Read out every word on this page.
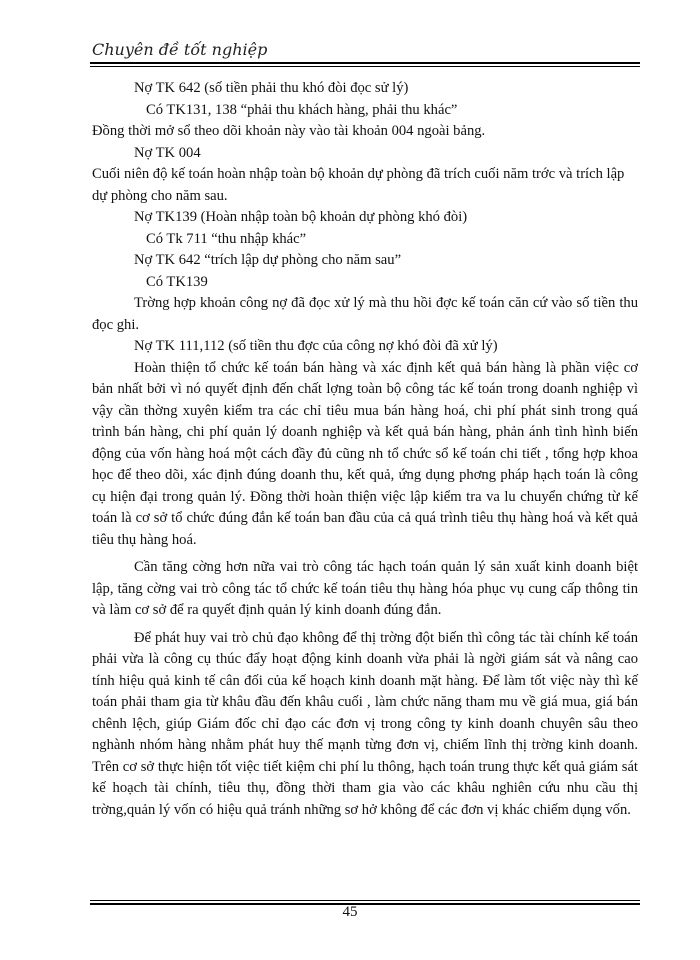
Chuyên đề tốt nghiệp

Nợ TK 642 (số tiền phải thu khó đòi đọc sử lý)

Có TK131, 138 “phải thu khách hàng, phải thu khác”

Đồng thời mở sổ theo dõi khoản này vào tài khoản 004 ngoài bảng.

Nợ TK 004

Cuối niên độ kế toán hoàn nhập toàn bộ khoản dự phòng đã trích cuối năm trớc và trích lập dự phòng cho năm sau.

Nợ TK139 (Hoàn nhập toàn bộ khoản dự phòng khó đòi)

Có Tk 711 “thu nhập khác”

Nợ TK 642 “trích lập dự phòng cho năm sau”

Có TK139

Trờng hợp khoản công nợ đã đọc xử lý mà thu hồi đợc kế toán căn cứ vào số tiền thu đọc ghi.

Nợ TK 111,112 (số tiền thu đợc của công nợ khó đòi đã xử lý)

Hoàn thiện tổ chức kế toán bán hàng và xác định kết quả bán hàng là phần việc cơ bản nhất bởi vì nó quyết định đến chất lợng toàn bộ công tác kế toán trong doanh nghiệp vì vậy cần thờng xuyên kiểm tra các chỉ tiêu mua bán hàng hoá, chi phí phát sinh trong quá trình bán hàng, chi phí quản lý doanh nghiệp và kết quả bán hàng, phản ánh tình hình biến động của vốn hàng hoá một cách đầy đủ cũng nh tổ chức sổ kế toán chi tiết , tổng hợp khoa học để theo dõi, xác định đúng doanh thu, kết quả, ứng dụng phơng pháp hạch toán là công cụ hiện đại trong quản lý. Đồng thời hoàn thiện việc lập kiểm tra va lu chuyển chứng từ kế toán là cơ sở tổ chức đúng đắn kế toán ban đầu của cả quá trình tiêu thụ hàng hoá và kết quả tiêu thụ hàng hoá.

Cần tăng cờng hơn nữa vai trò công tác hạch toán quản lý sản xuất kinh doanh biệt lập, tăng cờng vai trò công tác tổ chức kế toán tiêu thụ hàng hóa phục vụ cung cấp thông tin và làm cơ sở để ra quyết định quản lý kinh doanh đúng đắn.

Để phát huy vai trò chủ đạo không để thị trờng đột biến thì công tác tài chính kế toán phải vừa là công cụ thúc đẩy hoạt động kinh doanh vừa phải là ngời giám sát và nâng cao tính hiệu quả kinh tế cân đối của kế hoạch kinh doanh mặt hàng. Để làm tốt việc này thì kế toán phải tham gia từ khâu đầu đến khâu cuối , làm chức năng tham mu về giá mua, giá bán chênh lệch, giúp Giám đốc chỉ đạo các đơn vị trong công ty kinh doanh chuyên sâu theo nghành nhóm hàng nhằm phát huy thế mạnh từng đơn vị, chiếm lĩnh thị trờng kinh doanh. Trên cơ sở thực hiện tốt việc tiết kiệm chi phí lu thông, hạch toán trung thực kết quả giám sát kế hoạch tài chính, tiêu thụ, đồng thời tham gia vào các khâu nghiên cứu nhu cầu thị trờng,quản lý vốn có hiệu quả tránh những sơ hở không để các đơn vị khác chiếm dụng vốn.

45
